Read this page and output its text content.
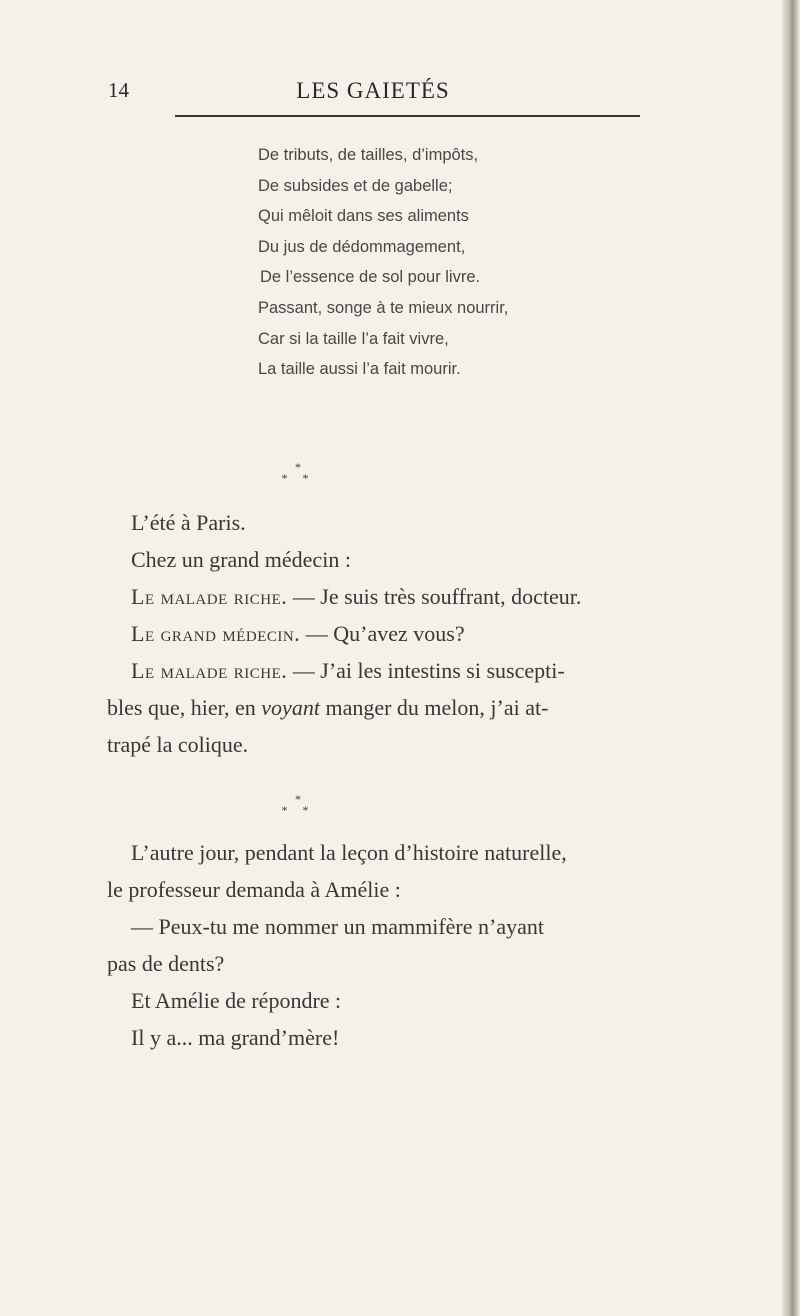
14	LES GAIETÉS
De tributs, de tailles, d’impôts,
De subsides et de gabelle;
Qui mêloit dans ses aliments
Du jus de dédommagement,
De l’essence de sol pour livre.
Passant, songe à te mieux nourrir,
Car si la taille l’a fait vivre,
La taille aussi l’a fait mourir.
*
* *

L’été à Paris.

Chez un grand médecin :

Le malade riche. — Je suis très souffrant, docteur.

Le grand médecin. — Qu’avez vous?

Le malade riche. — J’ai les intestins si suscepti-

bles que, hier, en voyant manger du melon, j’ai at-

trapé la colique.

*
* *

L’autre jour, pendant la leçon d’histoire naturelle,

le professeur demanda à Amélie :

— Peux-tu me nommer un mammifère n’ayant

pas de dents?

Et Amélie de répondre :

Il y a... ma grand’mère!
